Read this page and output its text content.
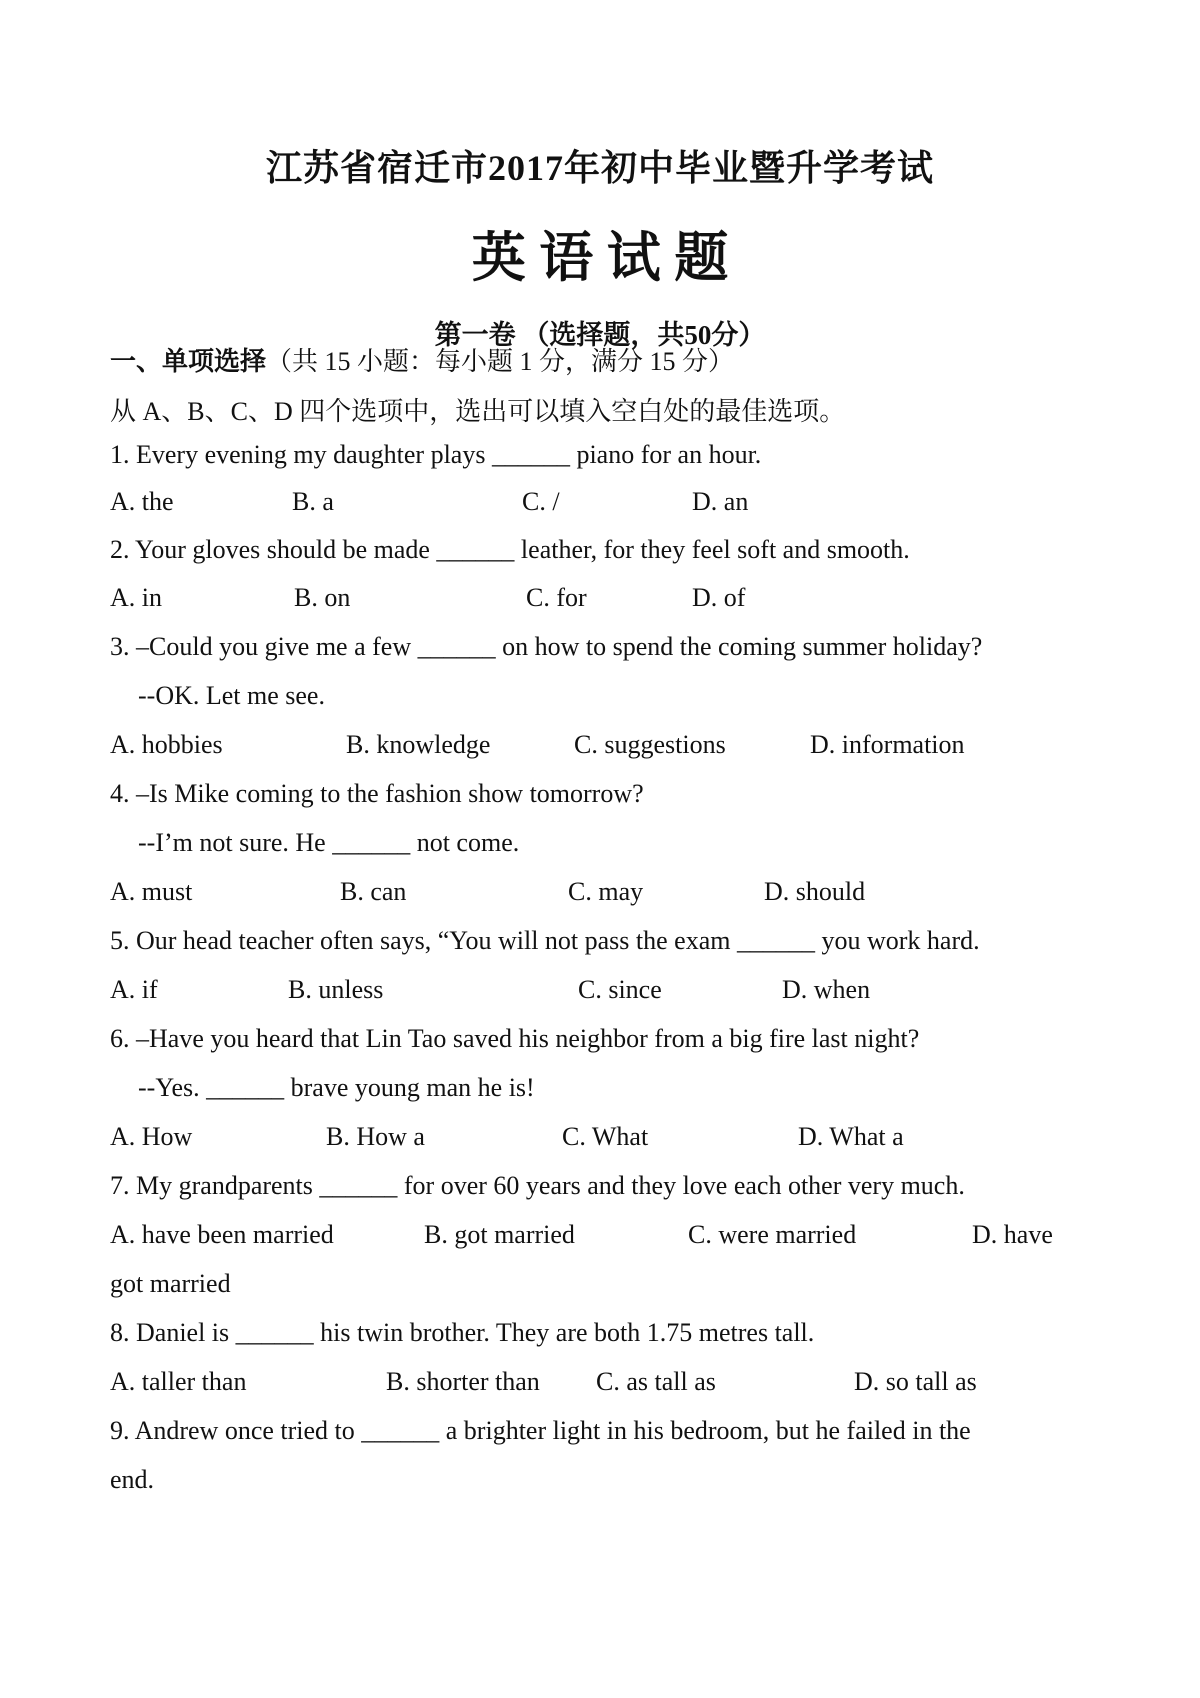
江苏省宿迁市2017年初中毕业暨升学考试
英 语 试 题
第一卷 （选择题，共50分）
一、单项选择（共 15 小题：每小题 1 分，满分 15 分）
从 A、B、C、D 四个选项中，选出可以填入空白处的最佳选项。
1. Every evening my daughter plays ______ piano for an hour.
A. the	B. a	C. /	D. an
2. Your gloves should be made ______ leather, for they feel soft and smooth.
A. in	B. on	C. for	D. of
3. –Could you give me a few ______ on how to spend the coming summer holiday?
--OK. Let me see.
A. hobbies	B. knowledge	C. suggestions	D. information
4. –Is Mike coming to the fashion show tomorrow?
--I’m not sure. He ______ not come.
A. must	B. can	C. may	D. should
5. Our head teacher often says, “You will not pass the exam ______ you work hard.
A. if	B. unless	C. since	D. when
6. –Have you heard that Lin Tao saved his neighbor from a big fire last night?
--Yes. ______ brave young man he is!
A. How	B. How a	C. What	D. What a
7. My grandparents ______ for over 60 years and they love each other very much.
A. have been married	B. got married	C. were married	D. have
got married
8. Daniel is ______ his twin brother. They are both 1.75 metres tall.
A. taller than	B. shorter than C. as tall as	D. so tall as
9. Andrew once tried to ______ a brighter light in his bedroom, but he failed in the
end.
